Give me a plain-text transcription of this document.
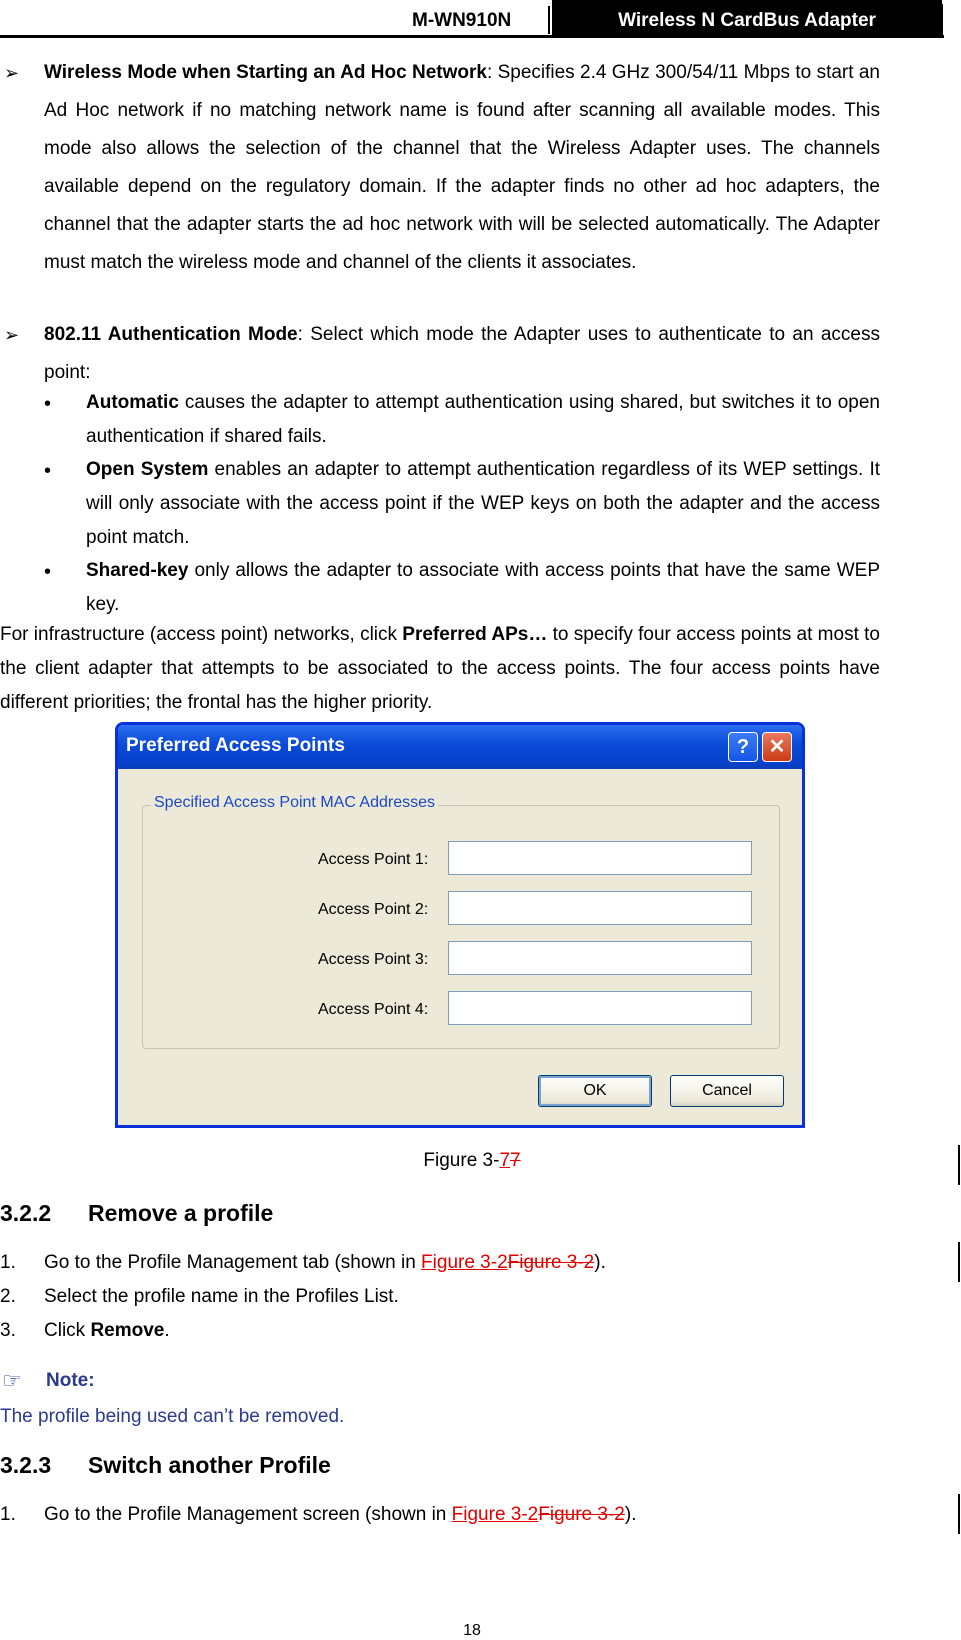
M-WN910N	Wireless N CardBus Adapter
➢ Wireless Mode when Starting an Ad Hoc Network: Specifies 2.4 GHz 300/54/11 Mbps to start an Ad Hoc network if no matching network name is found after scanning all available modes. This mode also allows the selection of the channel that the Wireless Adapter uses. The channels available depend on the regulatory domain. If the adapter finds no other ad hoc adapters, the channel that the adapter starts the ad hoc network with will be selected automatically. The Adapter must match the wireless mode and channel of the clients it associates.
➢ 802.11 Authentication Mode: Select which mode the Adapter uses to authenticate to an access point:
• Automatic causes the adapter to attempt authentication using shared, but switches it to open authentication if shared fails.
• Open System enables an adapter to attempt authentication regardless of its WEP settings. It will only associate with the access point if the WEP keys on both the adapter and the access point match.
• Shared-key only allows the adapter to associate with access points that have the same WEP key.
For infrastructure (access point) networks, click Preferred APs… to specify four access points at most to the client adapter that attempts to be associated to the access points. The four access points have different priorities; the frontal has the higher priority.
Preferred Access Points	? ✕
Specified Access Point MAC Addresses
Access Point 1:
Access Point 2:
Access Point 3:
Access Point 4:
OK	Cancel
Figure 3-77
3.2.2 Remove a profile
1. Go to the Profile Management tab (shown in Figure 3-2Figure 3-2).
2. Select the profile name in the Profiles List.
3. Click Remove.
☞ Note:
The profile being used can’t be removed.
3.2.3 Switch another Profile
1. Go to the Profile Management screen (shown in Figure 3-2Figure 3-2).
18
